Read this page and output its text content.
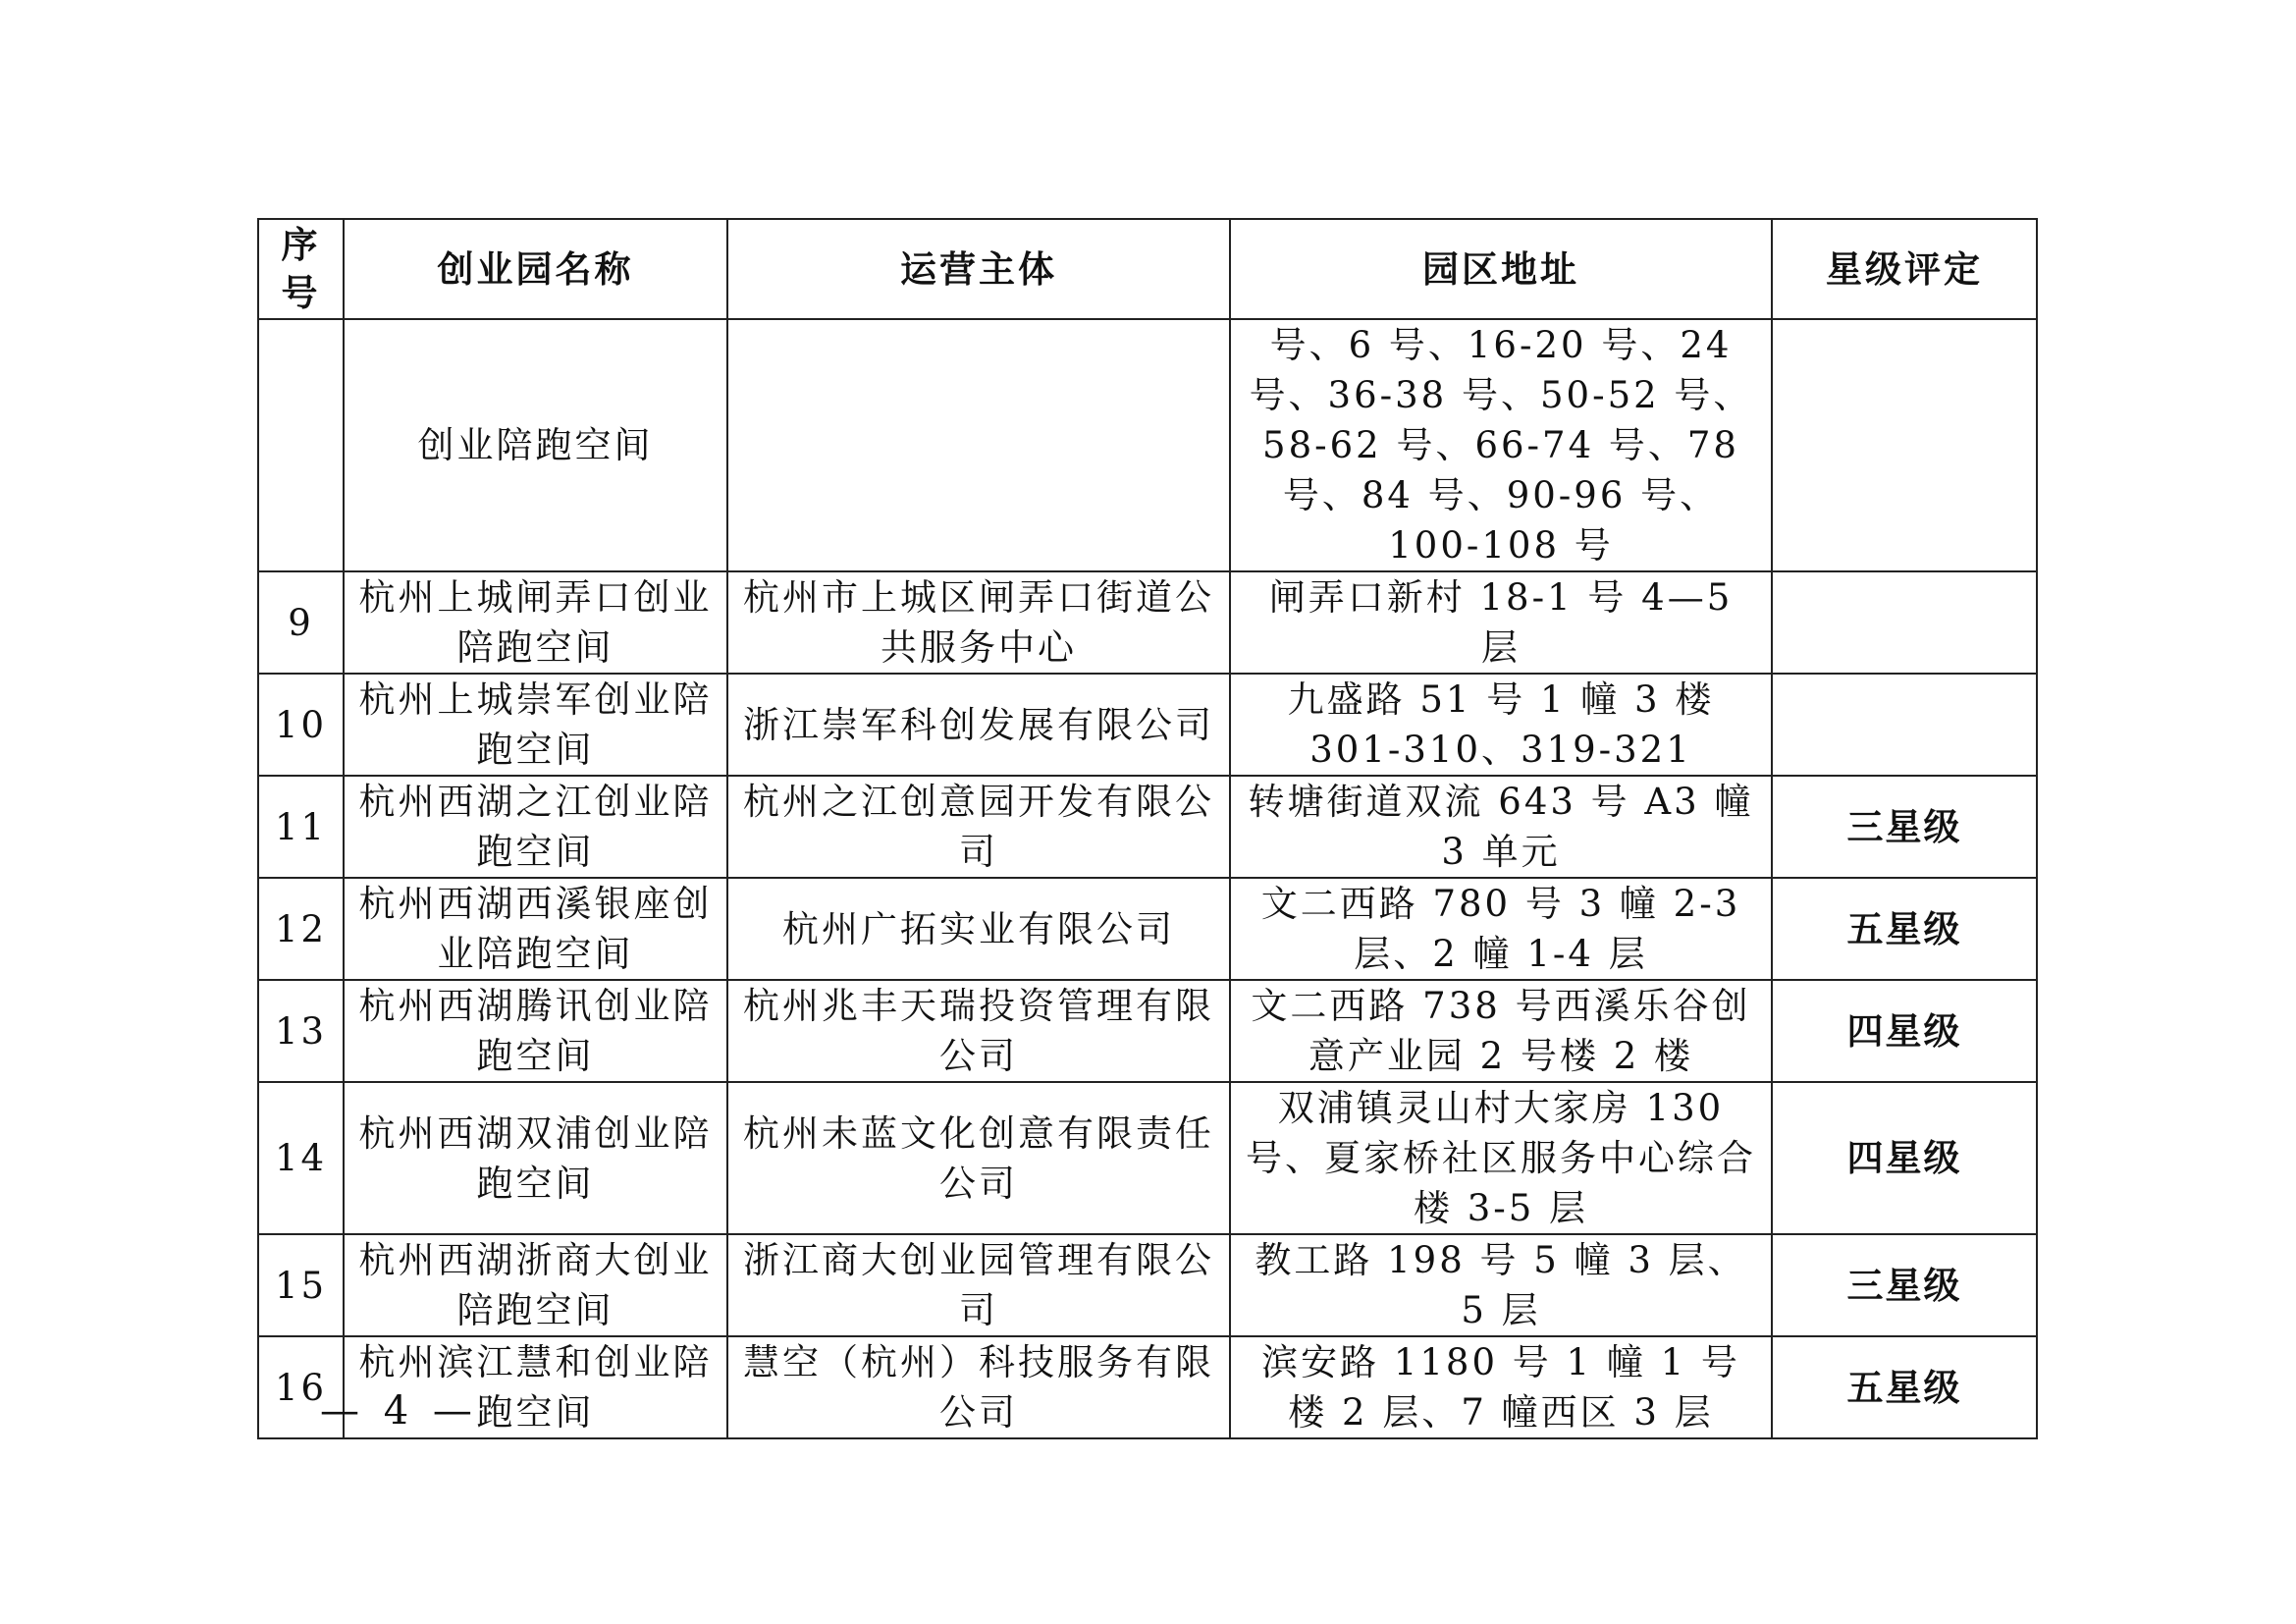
序
号	创业园名称	运营主体	园区地址	星级评定
	创业陪跑空间		号、6 号、16-20 号、24 号、36-38 号、50-52 号、58-62 号、66-74 号、78 号、84 号、90-96 号、100-108 号	
9	杭州上城闸弄口创业陪跑空间	杭州市上城区闸弄口街道公共服务中心	闸弄口新村 18-1 号 4—5 层	
10	杭州上城崇军创业陪跑空间	浙江崇军科创发展有限公司	九盛路 51 号 1 幢 3 楼 301-310、319-321	
11	杭州西湖之江创业陪跑空间	杭州之江创意园开发有限公司	转塘街道双流 643 号 A3 幢 3 单元	三星级
12	杭州西湖西溪银座创业陪跑空间	杭州广拓实业有限公司	文二西路 780 号 3 幢 2-3 层、2 幢 1-4 层	五星级
13	杭州西湖腾讯创业陪跑空间	杭州兆丰天瑞投资管理有限公司	文二西路 738 号西溪乐谷创意产业园 2 号楼 2 楼	四星级
14	杭州西湖双浦创业陪跑空间	杭州未蓝文化创意有限责任公司	双浦镇灵山村大家房 130 号、夏家桥社区服务中心综合楼 3-5 层	四星级
15	杭州西湖浙商大创业陪跑空间	浙江商大创业园管理有限公司	教工路 198 号 5 幢 3 层、5 层	三星级
16	杭州滨江慧和创业陪跑空间	慧空（杭州）科技服务有限公司	滨安路 1180 号 1 幢 1 号楼 2 层、7 幢西区 3 层	五星级
— 4 —
